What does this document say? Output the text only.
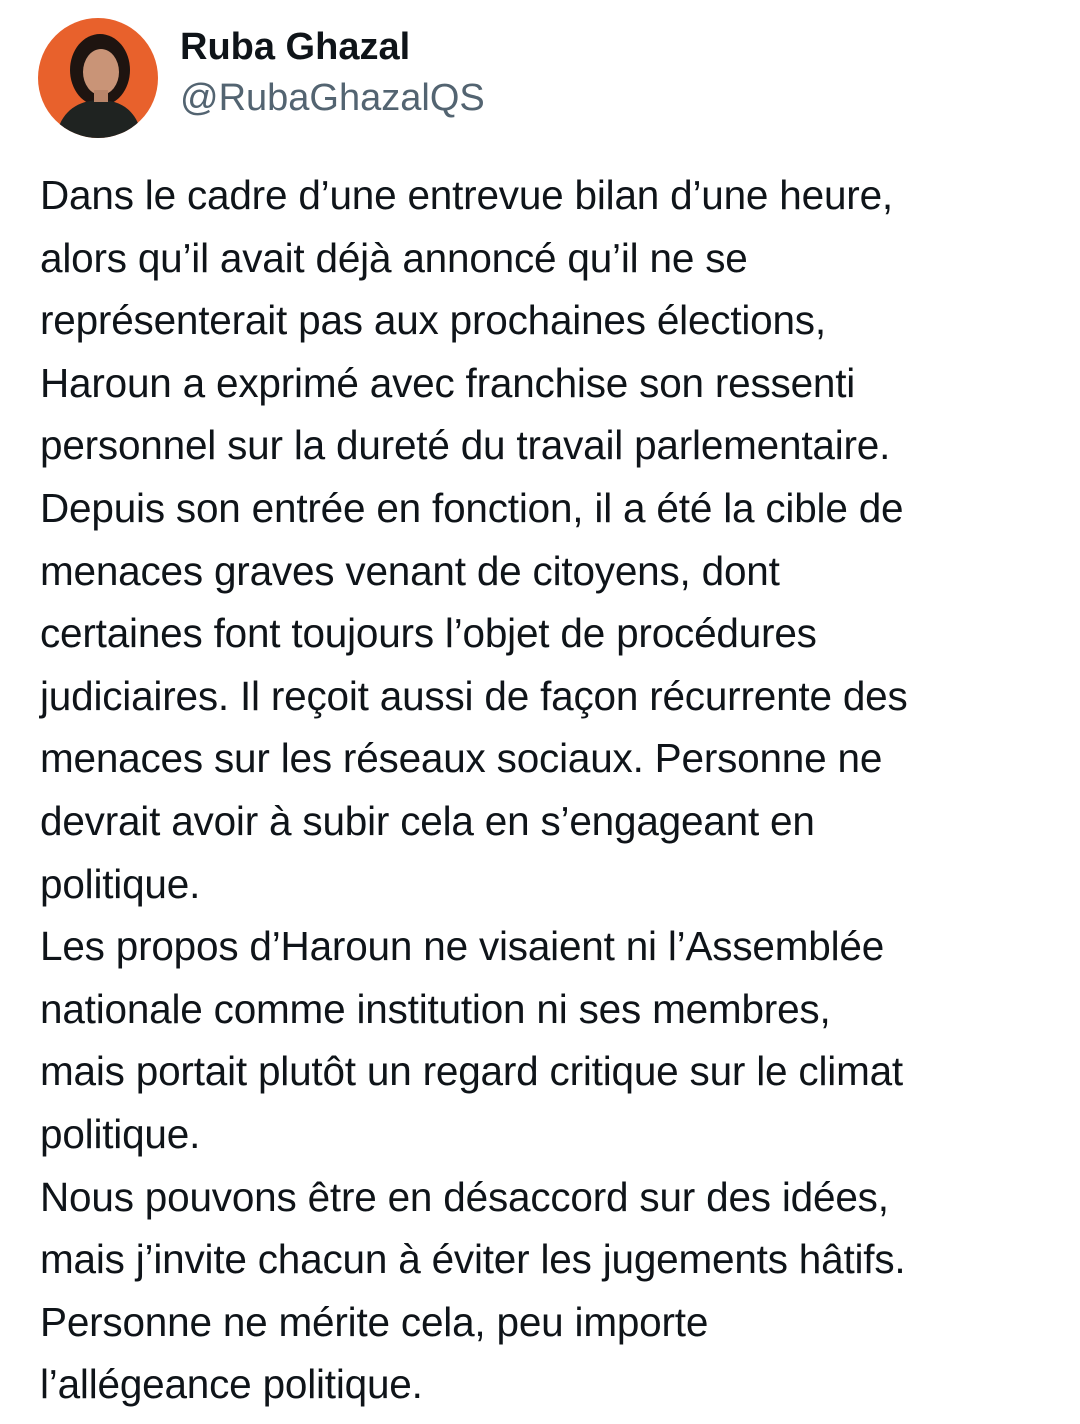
Ruba Ghazal
@RubaGhazalQS
Dans le cadre d’une entrevue bilan d’une heure,
alors qu’il avait déjà annoncé qu’il ne se
représenterait pas aux prochaines élections,
Haroun a exprimé avec franchise son ressenti
personnel sur la dureté du travail parlementaire.
Depuis son entrée en fonction, il a été la cible de
menaces graves venant de citoyens, dont
certaines font toujours l’objet de procédures
judiciaires. Il reçoit aussi de façon récurrente des
menaces sur les réseaux sociaux. Personne ne
devrait avoir à subir cela en s’engageant en
politique.
Les propos d’Haroun ne visaient ni l’Assemblée
nationale comme institution ni ses membres,
mais portait plutôt un regard critique sur le climat
politique.
Nous pouvons être en désaccord sur des idées,
mais j’invite chacun à éviter les jugements hâtifs.
Personne ne mérite cela, peu importe
l’allégeance politique.
